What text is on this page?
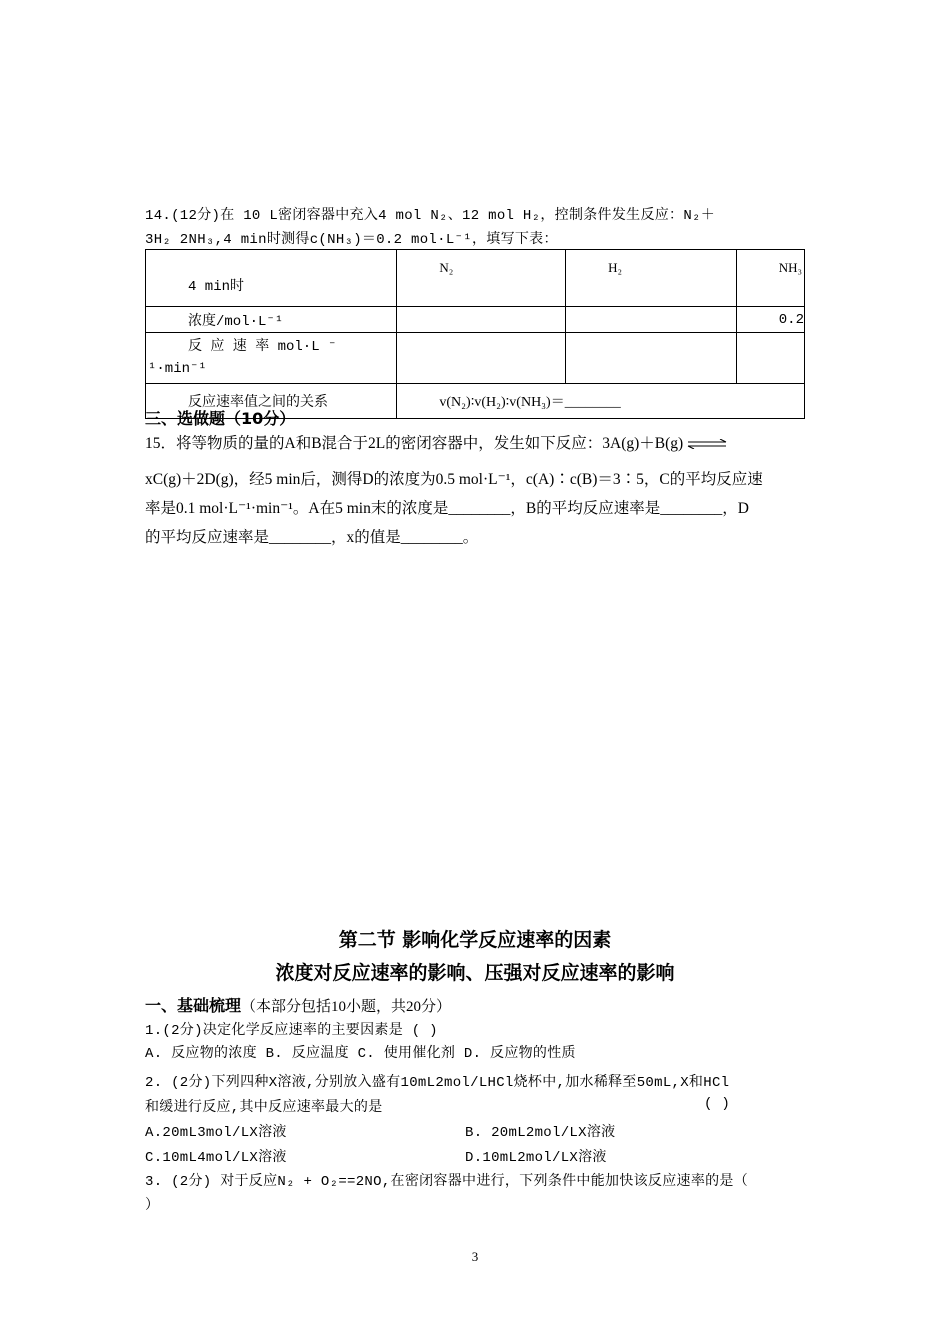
14.(12分)在 10 L密闭容器中充入4 mol N₂、12 mol H₂，控制条件发生反应：N₂＋
3H₂ 2NH₃,4 min时测得c(NH₃)＝0.2 mol·L⁻¹，填写下表：
4 min时	N₂	H₂	NH₃
浓度/mol·L⁻¹			0.2

反 应 速 率 mol·L ⁻
¹·min⁻¹			

反应速率值之间的关系	v(N₂)∶v(H₂)∶v(NH₃)＝________		
三、选做题（10分）
15．将等物质的量的A和B混合于2L的密闭容器中，发生如下反应：3A(g)＋B(g) ⇌
xC(g)＋2D(g)，经5 min后，测得D的浓度为0.5 mol·L⁻¹，c(A)∶c(B)＝3∶5，C的平均反应速
率是0.1 mol·L⁻¹·min⁻¹。A在5 min末的浓度是________，B的平均反应速率是________，D
的平均反应速率是________，x的值是________。
第二节 影响化学反应速率的因素
浓度对反应速率的影响、压强对反应速率的影响
一、基础梳理（本部分包括10小题，共20分）
1.(2分)决定化学反应速率的主要因素是 ( )
A. 反应物的浓度 B. 反应温度 C. 使用催化剂 D. 反应物的性质
2. (2分)下列四种X溶液,分别放入盛有10mL2mol/LHCl烧杯中,加水稀释至50mL,X和HCl
和缓进行反应,其中反应速率最大的是	( )
A.20mL3mol/LX溶液	B. 20mL2mol/LX溶液
C.10mL4mol/LX溶液	D.10mL2mol/LX溶液
3. (2分) 对于反应N₂ + O₂==2NO,在密闭容器中进行，下列条件中能加快该反应速率的是（
）
3
